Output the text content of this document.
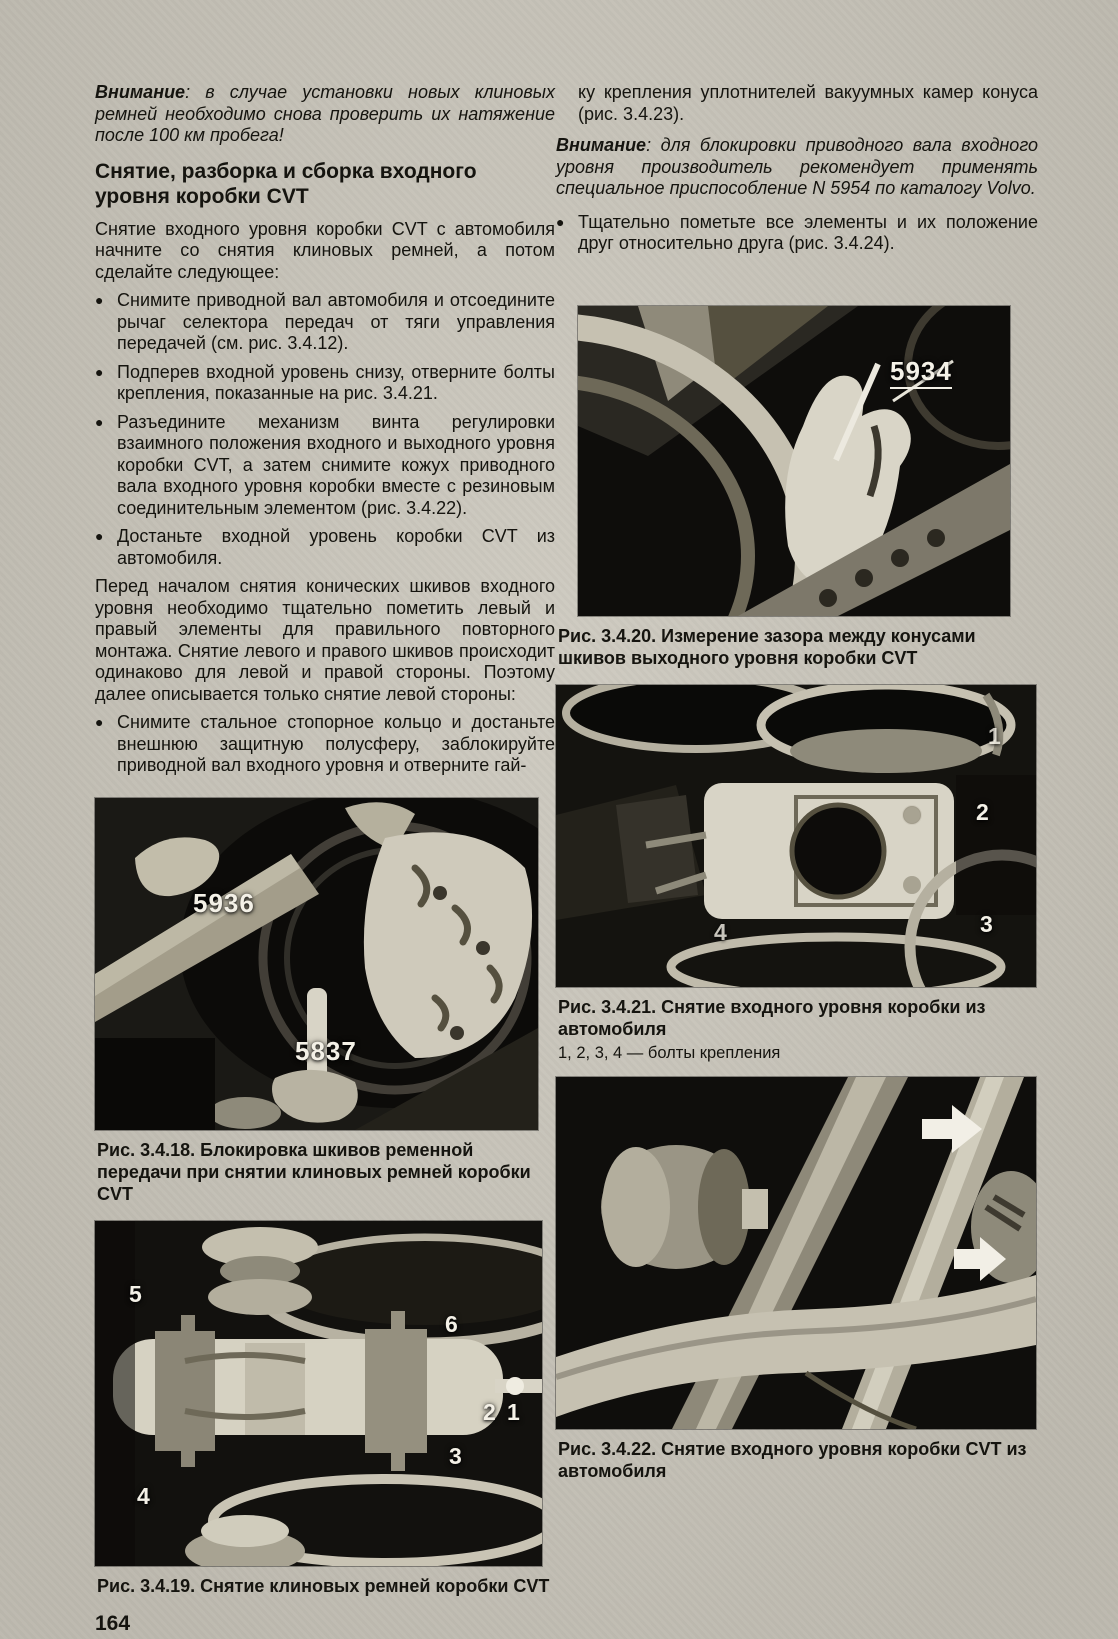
Внимание: в случае установки новых клиновых ремней необходимо снова проверить их натяжение после 100 км пробега!

Снятие, разборка и сборка входного уровня коробки CVT

Снятие входного уровня коробки CVT с автомобиля начните со снятия клиновых ремней, а потом сделайте следующее:

● Снимите приводной вал автомобиля и отсоедините рычаг селектора передач от тяги управления передачей (см. рис. 3.4.12).
● Подперев входной уровень снизу, отверните болты крепления, показанные на рис. 3.4.21.
● Разъедините механизм винта регулировки взаимного положения входного и выходного уровня коробки CVT, а затем снимите кожух приводного вала входного уровня коробки вместе с резиновым соединительным элементом (рис. 3.4.22).
● Достаньте входной уровень коробки CVT из автомобиля.

Перед началом снятия конических шкивов входного уровня необходимо тщательно пометить левый и правый элементы для правильного повторного монтажа. Снятие левого и правого шкивов происходит одинаково для левой и правой стороны. Поэтому далее описывается только снятие левой стороны:

● Снимите стальное стопорное кольцо и достаньте внешнюю защитную полусферу, заблокируйте приводной вал входного уровня и отверните гай-
5936
5837
Рис. 3.4.18. Блокировка шкивов ременной передачи при снятии клиновых ремней коробки CVT
5
6
2 1
3
4
Рис. 3.4.19. Снятие клиновых ремней коробки CVT
164

ку крепления уплотнителей вакуумных камер конуса (рис. 3.4.23).

Внимание: для блокировки приводного вала входного уровня производитель рекомендует применять специальное приспособление N 5954 по каталогу Volvo.

● Тщательно пометьте все элементы и их положение друг относительно друга (рис. 3.4.24).
5934
Рис. 3.4.20. Измерение зазора между конусами шкивов выходного уровня коробки CVT
1
2
3
4
Рис. 3.4.21. Снятие входного уровня коробки из автомобиля
1, 2, 3, 4 — болты крепления
Рис. 3.4.22. Снятие входного уровня коробки CVT из автомобиля
